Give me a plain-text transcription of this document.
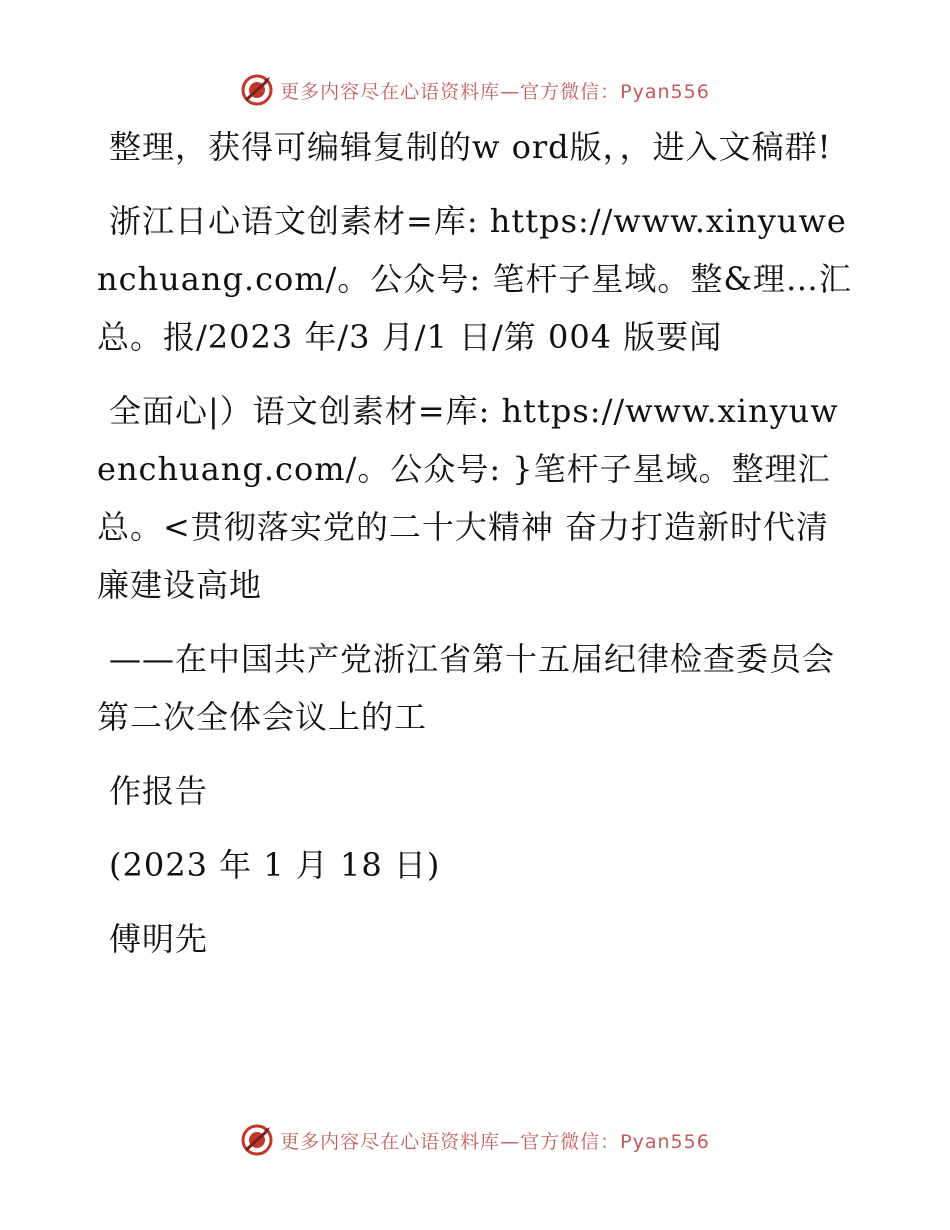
更多内容尽在心语资料库—官方微信：Pyan556

整理，获得可编辑复制的w ord版，，进入文稿群!

浙江日心语文创素材=库: https://www.xinyuwenchuang.com/。公众号: 笔杆子星域。整&理…汇总。报/2023 年/3 月/1 日/第 004 版要闻

全面心|）语文创素材=库: https://www.xinyuwenchuang.com/。公众号: }笔杆子星域。整理汇总。<贯彻落实党的二十大精神 奋力打造新时代清廉建设高地

——在中国共产党浙江省第十五届纪律检查委员会第二次全体会议上的工

作报告

(2023 年 1 月 18 日)

傅明先

更多内容尽在心语资料库—官方微信：Pyan556
